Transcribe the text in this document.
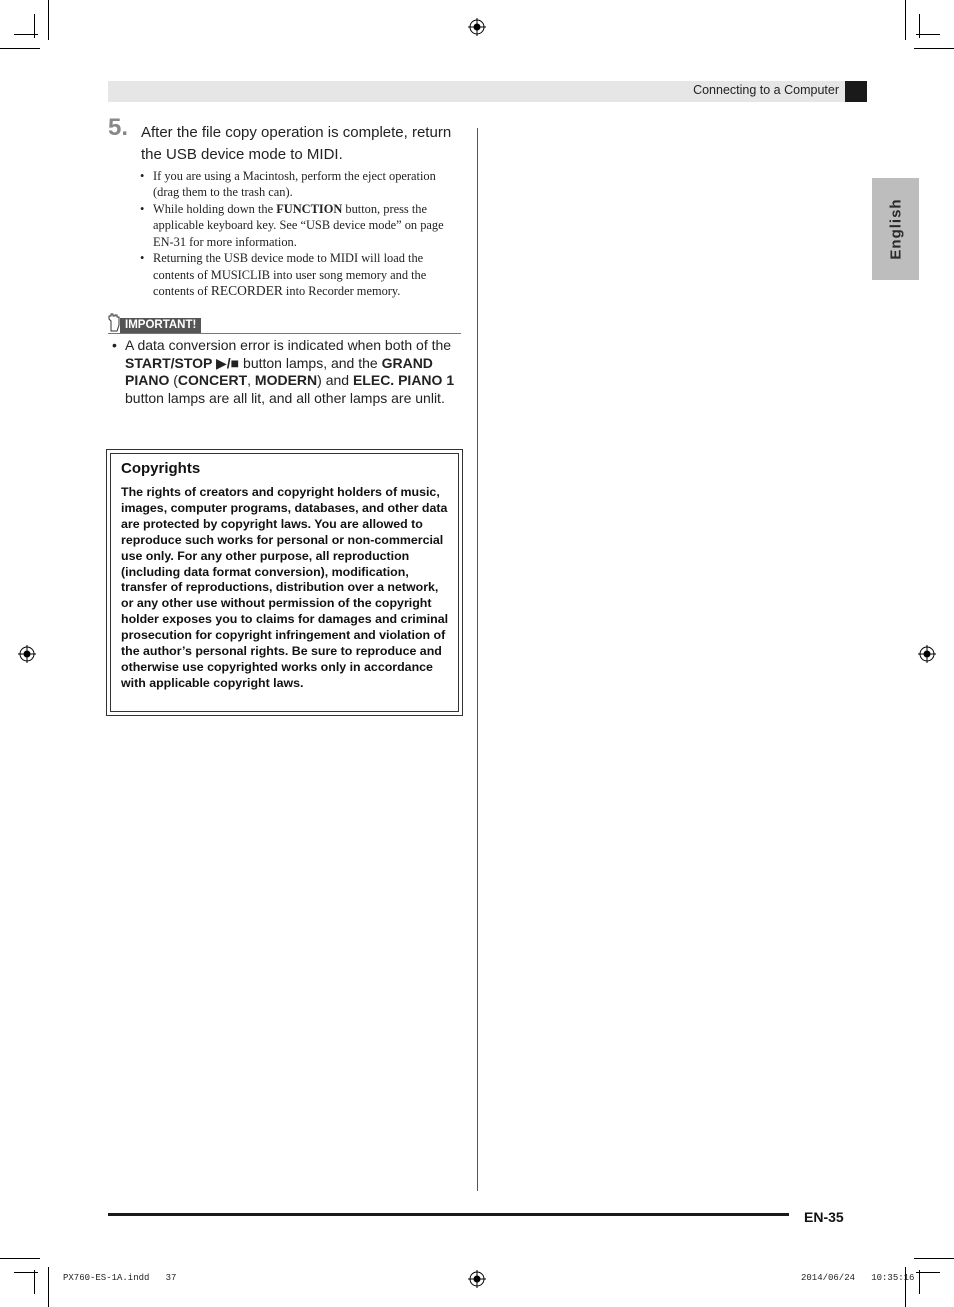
Connecting to a Computer
English
5. After the file copy operation is complete, return the USB device mode to MIDI.
• If you are using a Macintosh, perform the eject operation (drag them to the trash can).
• While holding down the FUNCTION button, press the applicable keyboard key. See “USB device mode” on page EN-31 for more information.
• Returning the USB device mode to MIDI will load the contents of MUSICLIB into user song memory and the contents of RECORDER into Recorder memory.
IMPORTANT!
• A data conversion error is indicated when both of the START/STOP ▶/■ button lamps, and the GRAND PIANO (CONCERT, MODERN) and ELEC. PIANO 1 button lamps are all lit, and all other lamps are unlit.
Copyrights
The rights of creators and copyright holders of music, images, computer programs, databases, and other data are protected by copyright laws. You are allowed to reproduce such works for personal or non-commercial use only. For any other purpose, all reproduction (including data format conversion), modification, transfer of reproductions, distribution over a network, or any other use without permission of the copyright holder exposes you to claims for damages and criminal prosecution for copyright infringement and violation of the author’s personal rights. Be sure to reproduce and otherwise use copyrighted works only in accordance with applicable copyright laws.
EN-35
PX760-ES-1A.indd   37	2014/06/24   10:35:16
